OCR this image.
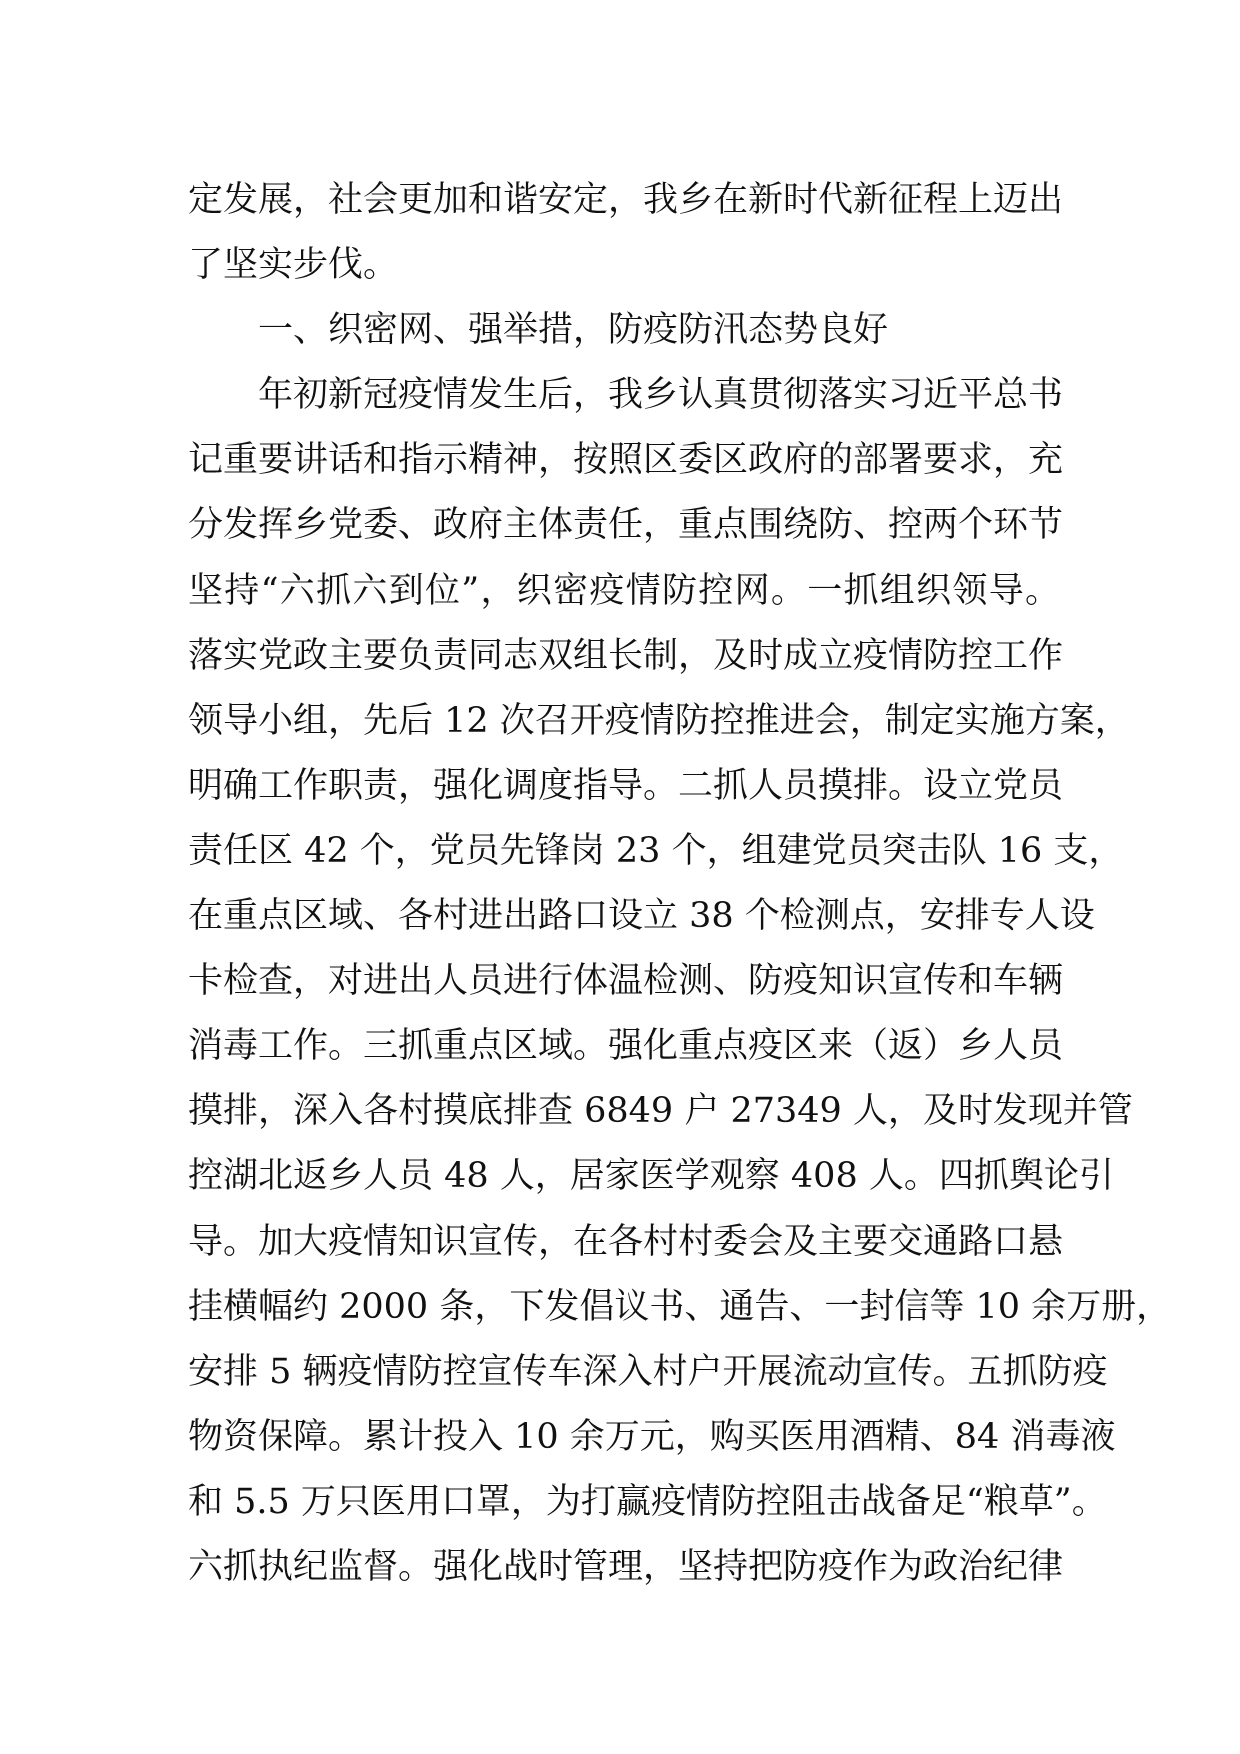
定发展，社会更加和谐安定，我乡在新时代新征程上迈出
了坚实步伐。
一、织密网、强举措，防疫防汛态势良好
年初新冠疫情发生后，我乡认真贯彻落实习近平总书
记重要讲话和指示精神，按照区委区政府的部署要求，充
分发挥乡党委、政府主体责任，重点围绕防、控两个环节
坚持“六抓六到位”，织密疫情防控网。一抓组织领导。
落实党政主要负责同志双组长制，及时成立疫情防控工作
领导小组，先后 12 次召开疫情防控推进会，制定实施方案，
明确工作职责，强化调度指导。二抓人员摸排。设立党员
责任区 42 个，党员先锋岗 23 个，组建党员突击队 16 支，
在重点区域、各村进出路口设立 38 个检测点，安排专人设
卡检查，对进出人员进行体温检测、防疫知识宣传和车辆
消毒工作。三抓重点区域。强化重点疫区来（返）乡人员
摸排，深入各村摸底排查 6849 户 27349 人，及时发现并管
控湖北返乡人员 48 人，居家医学观察 408 人。四抓舆论引
导。加大疫情知识宣传，在各村村委会及主要交通路口悬
挂横幅约 2000 条，下发倡议书、通告、一封信等 10 余万册，
安排 5 辆疫情防控宣传车深入村户开展流动宣传。五抓防疫
物资保障。累计投入 10 余万元，购买医用酒精、84 消毒液
和 5.5 万只医用口罩，为打赢疫情防控阻击战备足“粮草”。
六抓执纪监督。强化战时管理，坚持把防疫作为政治纪律
